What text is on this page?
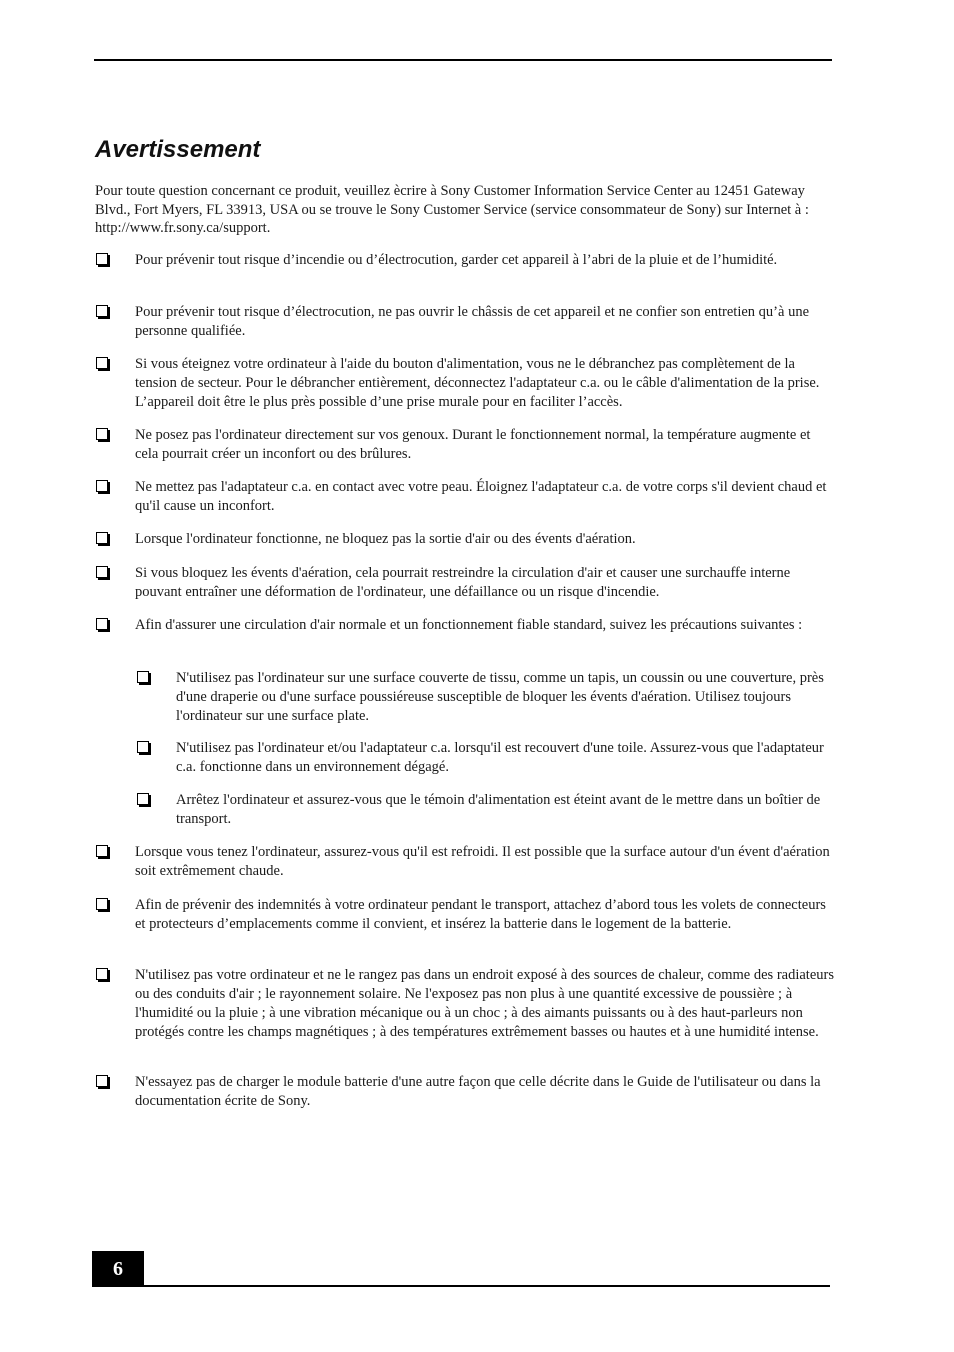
Avertissement

Pour toute question concernant ce produit, veuillez ècrire à Sony Customer Information Service Center au 12451 Gateway Blvd., Fort Myers, FL 33913, USA ou se trouve le Sony Customer Service (service consommateur de Sony) sur Internet à : http://www.fr.sony.ca/support.

Pour prévenir tout risque d’incendie ou d’électrocution, garder cet appareil à l’abri de la pluie et de l’humidité.
Pour prévenir tout risque d’électrocution, ne pas ouvrir le châssis de cet appareil et ne confier son entretien qu’à une personne qualifiée.
Si vous éteignez votre ordinateur à l'aide du bouton d'alimentation, vous ne le débranchez pas complètement de la tension de secteur. Pour le débrancher entièrement, déconnectez l'adaptateur c.a. ou le câble d'alimentation de la prise. L’appareil doit être le plus près possible d’une prise murale pour en faciliter l’accès.
Ne posez pas l'ordinateur directement sur vos genoux. Durant le fonctionnement normal, la température augmente et cela pourrait créer un inconfort ou des brûlures.
Ne mettez pas l'adaptateur c.a. en contact avec votre peau. Éloignez l'adaptateur c.a. de votre corps s'il devient chaud et qu'il cause un inconfort.
Lorsque l'ordinateur fonctionne, ne bloquez pas la sortie d'air ou des évents d'aération.
Si vous bloquez les évents d'aération, cela pourrait restreindre la circulation d'air et causer une surchauffe interne pouvant entraîner une déformation de l'ordinateur, une défaillance ou un risque d'incendie.
Afin d'assurer une circulation d'air normale et un fonctionnement fiable standard, suivez les précautions suivantes :
N'utilisez pas l'ordinateur sur une surface couverte de tissu, comme un tapis, un coussin ou une couverture, près d'une draperie ou d'une surface poussiéreuse susceptible de bloquer les évents d'aération. Utilisez toujours l'ordinateur sur une surface plate.
N'utilisez pas l'ordinateur et/ou l'adaptateur c.a. lorsqu'il est recouvert d'une toile. Assurez-vous que l'adaptateur c.a. fonctionne dans un environnement dégagé.
Arrêtez l'ordinateur et assurez-vous que le témoin d'alimentation est éteint avant de le mettre dans un boîtier de transport.
Lorsque vous tenez l'ordinateur, assurez-vous qu'il est refroidi. Il est possible que la surface autour d'un évent d'aération soit extrêmement chaude.
Afin de prévenir des indemnités à votre ordinateur pendant le transport, attachez d’abord tous les volets de connecteurs et protecteurs d’emplacements comme il convient, et insérez la batterie dans le logement de la batterie.
N'utilisez pas votre ordinateur et ne le rangez pas dans un endroit exposé à des sources de chaleur, comme des radiateurs ou des conduits d'air ; le rayonnement solaire. Ne l'exposez pas non plus à une quantité excessive de poussière ; à l'humidité ou la pluie ; à une vibration mécanique ou à un choc ; à des aimants puissants ou à des haut-parleurs non protégés contre les champs magnétiques ; à des températures extrêmement basses ou hautes et à une humidité intense.
N'essayez pas de charger le module batterie d'une autre façon que celle décrite dans le Guide de l'utilisateur ou dans la documentation écrite de Sony.
6
